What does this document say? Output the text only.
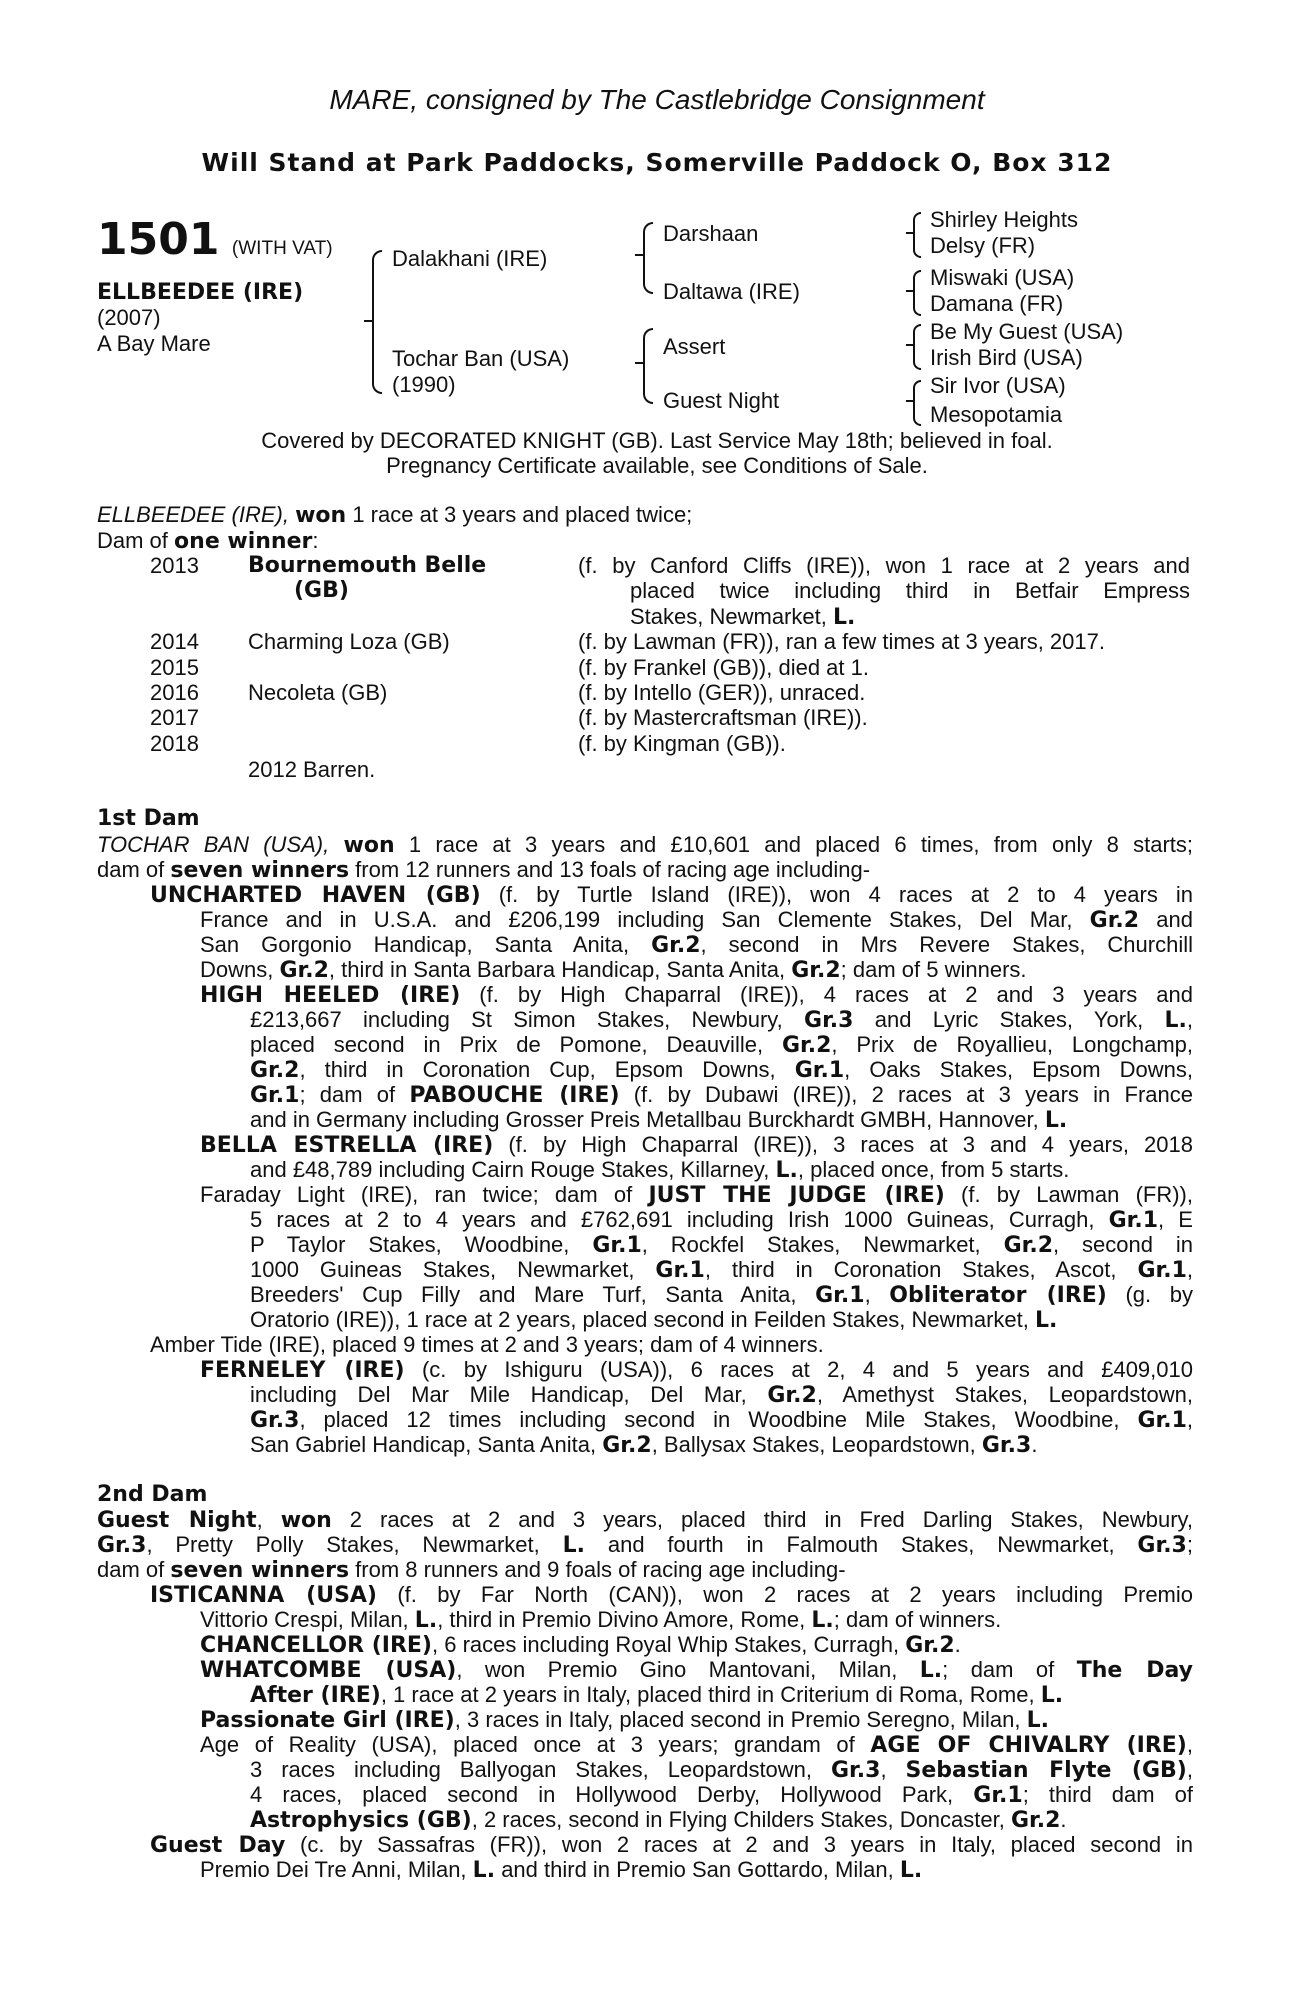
MARE, consigned by The Castlebridge Consignment
Will Stand at Park Paddocks, Somerville Paddock O, Box 312
1501 (WITH VAT)
ELLBEEDEE (IRE)
(2007)
A Bay Mare
Dalakhani (IRE)
Tochar Ban (USA)
(1990)
Darshaan
Daltawa (IRE)
Assert
Guest Night
Shirley Heights
Delsy (FR)
Miswaki (USA)
Damana (FR)
Be My Guest (USA)
Irish Bird (USA)
Sir Ivor (USA)
Mesopotamia
Covered by DECORATED KNIGHT (GB). Last Service May 18th; believed in foal.
Pregnancy Certificate available, see Conditions of Sale.
ELLBEEDEE (IRE), won 1 race at 3 years and placed twice;
Dam of one winner:
2013 Bournemouth Belle
(GB)
(f. by Canford Cliffs (IRE)), won 1 race at 2 years and
placed twice including third in Betfair Empress
Stakes, Newmarket, L.
2014 Charming Loza (GB)	(f. by Lawman (FR)), ran a few times at 3 years, 2017.
2015	(f. by Frankel (GB)), died at 1.
2016 Necoleta (GB)	(f. by Intello (GER)), unraced.
2017	(f. by Mastercraftsman (IRE)).
2018	(f. by Kingman (GB)).
2012 Barren.
1st Dam
TOCHAR BAN (USA), won 1 race at 3 years and £10,601 and placed 6 times, from only 8 starts;
dam of seven winners from 12 runners and 13 foals of racing age including-
UNCHARTED HAVEN (GB) (f. by Turtle Island (IRE)), won 4 races at 2 to 4 years in
France and in U.S.A. and £206,199 including San Clemente Stakes, Del Mar, Gr.2 and
San Gorgonio Handicap, Santa Anita, Gr.2, second in Mrs Revere Stakes, Churchill
Downs, Gr.2, third in Santa Barbara Handicap, Santa Anita, Gr.2; dam of 5 winners.
HIGH HEELED (IRE) (f. by High Chaparral (IRE)), 4 races at 2 and 3 years and
£213,667 including St Simon Stakes, Newbury, Gr.3 and Lyric Stakes, York, L.,
placed second in Prix de Pomone, Deauville, Gr.2, Prix de Royallieu, Longchamp,
Gr.2, third in Coronation Cup, Epsom Downs, Gr.1, Oaks Stakes, Epsom Downs,
Gr.1; dam of PABOUCHE (IRE) (f. by Dubawi (IRE)), 2 races at 3 years in France
and in Germany including Grosser Preis Metallbau Burckhardt GMBH, Hannover, L.
BELLA ESTRELLA (IRE) (f. by High Chaparral (IRE)), 3 races at 3 and 4 years, 2018
and £48,789 including Cairn Rouge Stakes, Killarney, L., placed once, from 5 starts.
Faraday Light (IRE), ran twice; dam of JUST THE JUDGE (IRE) (f. by Lawman (FR)),
5 races at 2 to 4 years and £762,691 including Irish 1000 Guineas, Curragh, Gr.1, E
P Taylor Stakes, Woodbine, Gr.1, Rockfel Stakes, Newmarket, Gr.2, second in
1000 Guineas Stakes, Newmarket, Gr.1, third in Coronation Stakes, Ascot, Gr.1,
Breeders' Cup Filly and Mare Turf, Santa Anita, Gr.1, Obliterator (IRE) (g. by
Oratorio (IRE)), 1 race at 2 years, placed second in Feilden Stakes, Newmarket, L.
Amber Tide (IRE), placed 9 times at 2 and 3 years; dam of 4 winners.
FERNELEY (IRE) (c. by Ishiguru (USA)), 6 races at 2, 4 and 5 years and £409,010
including Del Mar Mile Handicap, Del Mar, Gr.2, Amethyst Stakes, Leopardstown,
Gr.3, placed 12 times including second in Woodbine Mile Stakes, Woodbine, Gr.1,
San Gabriel Handicap, Santa Anita, Gr.2, Ballysax Stakes, Leopardstown, Gr.3.
2nd Dam
Guest Night, won 2 races at 2 and 3 years, placed third in Fred Darling Stakes, Newbury,
Gr.3, Pretty Polly Stakes, Newmarket, L. and fourth in Falmouth Stakes, Newmarket, Gr.3;
dam of seven winners from 8 runners and 9 foals of racing age including-
ISTICANNA (USA) (f. by Far North (CAN)), won 2 races at 2 years including Premio
Vittorio Crespi, Milan, L., third in Premio Divino Amore, Rome, L.; dam of winners.
CHANCELLOR (IRE), 6 races including Royal Whip Stakes, Curragh, Gr.2.
WHATCOMBE (USA), won Premio Gino Mantovani, Milan, L.; dam of The Day
After (IRE), 1 race at 2 years in Italy, placed third in Criterium di Roma, Rome, L.
Passionate Girl (IRE), 3 races in Italy, placed second in Premio Seregno, Milan, L.
Age of Reality (USA), placed once at 3 years; grandam of AGE OF CHIVALRY (IRE),
3 races including Ballyogan Stakes, Leopardstown, Gr.3, Sebastian Flyte (GB),
4 races, placed second in Hollywood Derby, Hollywood Park, Gr.1; third dam of
Astrophysics (GB), 2 races, second in Flying Childers Stakes, Doncaster, Gr.2.
Guest Day (c. by Sassafras (FR)), won 2 races at 2 and 3 years in Italy, placed second in
Premio Dei Tre Anni, Milan, L. and third in Premio San Gottardo, Milan, L.
